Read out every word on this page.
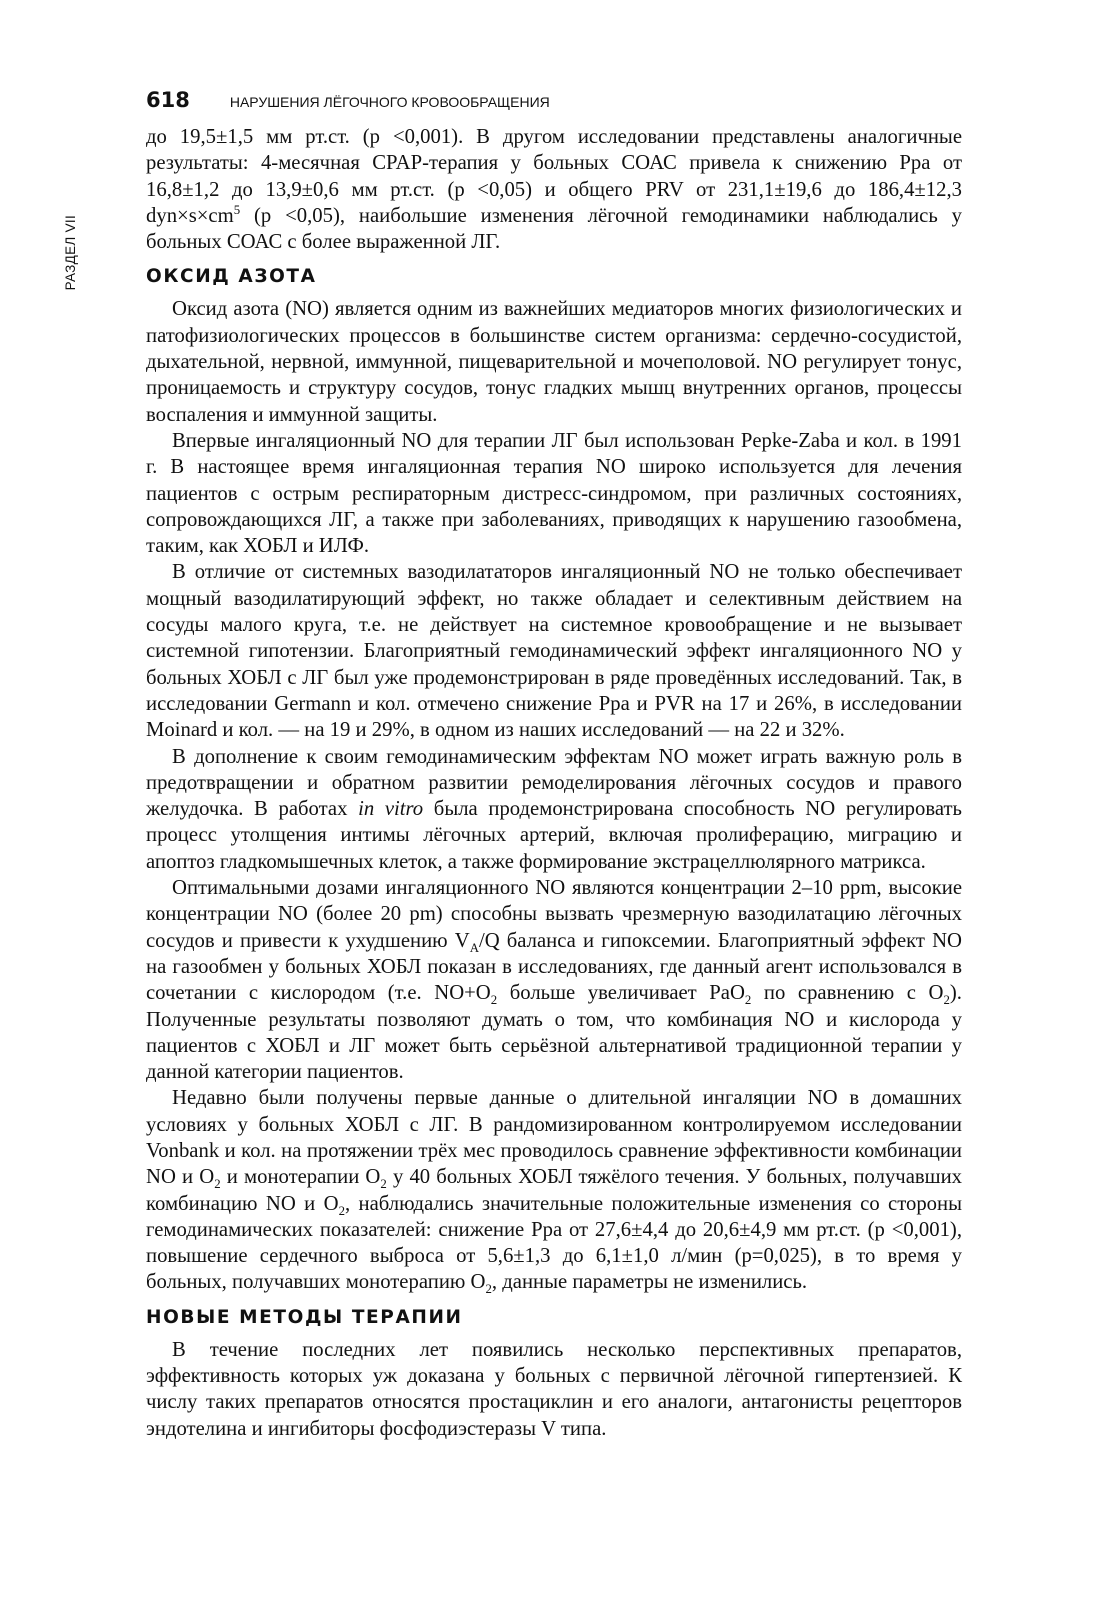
618	НАРУШЕНИЯ ЛЁГОЧНОГО КРОВООБРАЩЕНИЯ
РАЗДЕЛ VII

до 19,5±1,5 мм рт.ст. (р <0,001). В другом исследовании представлены аналогичные результаты: 4-месячная CPAP-терапия у больных СОАС привела к снижению Ppa от 16,8±1,2 до 13,9±0,6 мм рт.ст. (р <0,05) и общего PRV от 231,1±19,6 до 186,4±12,3 $dyn\times s\times cm^5$ (р <0,05), наибольшие изменения лёгочной гемодинамики наблюдались у больных СОАС с более выраженной ЛГ.

ОКСИД АЗОТА

Оксид азота (NO) является одним из важнейших медиаторов многих физиологических и патофизиологических процессов в большинстве систем организма: сердечно-сосудистой, дыхательной, нервной, иммунной, пищеварительной и мочеполовой. NO регулирует тонус, проницаемость и структуру сосудов, тонус гладких мышц внутренних органов, процессы воспаления и иммунной защиты.

Впервые ингаляционный NO для терапии ЛГ был использован Pepke-Zaba и кол. в 1991 г. В настоящее время ингаляционная терапия NO широко используется для лечения пациентов с острым респираторным дистресс-синдромом, при различных состояниях, сопровождающихся ЛГ, а также при заболеваниях, приводящих к нарушению газообмена, таким, как ХОБЛ и ИЛФ.

В отличие от системных вазодилататоров ингаляционный NO не только обеспечивает мощный вазодилатирующий эффект, но также обладает и селективным действием на сосуды малого круга, т.е. не действует на системное кровообращение и не вызывает системной гипотензии. Благоприятный гемодинамический эффект ингаляционного NO у больных ХОБЛ с ЛГ был уже продемонстрирован в ряде проведённых исследований. Так, в исследовании Germann и кол. отмечено снижение Ppa и PVR на 17 и 26%, в исследовании Moinard и кол. — на 19 и 29%, в одном из наших исследований — на 22 и 32%.

В дополнение к своим гемодинамическим эффектам NO может играть важную роль в предотвращении и обратном развитии ремоделирования лёгочных сосудов и правого желудочка. В работах in vitro была продемонстрирована способность NO регулировать процесс утолщения интимы лёгочных артерий, включая пролиферацию, миграцию и апоптоз гладкомышечных клеток, а также формирование экстрацеллюлярного матрикса.

Оптимальными дозами ингаляционного NO являются концентрации 2–10 ppm, высокие концентрации NO (более 20 pm) способны вызвать чрезмерную вазодилатацию лёгочных сосудов и привести к ухудшению $V_A/Q$ баланса и гипоксемии. Благоприятный эффект NO на газообмен у больных ХОБЛ показан в исследованиях, где данный агент использовался в сочетании с кислородом (т.е. $NO+O_2$ больше увеличивает PaO$_2$ по сравнению с $O_2$). Полученные результаты позволяют думать о том, что комбинация NO и кислорода у пациентов с ХОБЛ и ЛГ может быть серьёзной альтернативой традиционной терапии у данной категории пациентов.

Недавно были получены первые данные о длительной ингаляции NO в домашних условиях у больных ХОБЛ с ЛГ. В рандомизированном контролируемом исследовании Vonbank и кол. на протяжении трёх мес проводилось сравнение эффективности комбинации NO и $O_2$ и монотерапии $O_2$ у 40 больных ХОБЛ тяжёлого течения. У больных, получавших комбинацию NO и $O_2$, наблюдались значительные положительные изменения со стороны гемодинамических показателей: снижение Ppa от 27,6±4,4 до 20,6±4,9 мм рт.ст. (р <0,001), повышение сердечного выброса от 5,6±1,3 до 6,1±1,0 л/мин (р=0,025), в то время у больных, получавших монотерапию $O_2$, данные параметры не изменились.

НОВЫЕ МЕТОДЫ ТЕРАПИИ

В течение последних лет появились несколько перспективных препаратов, эффективность которых уж доказана у больных с первичной лёгочной гипертензией. К числу таких препаратов относятся простациклин и его аналоги, антагонисты рецепторов эндотелина и ингибиторы фосфодиэстеразы V типа.
